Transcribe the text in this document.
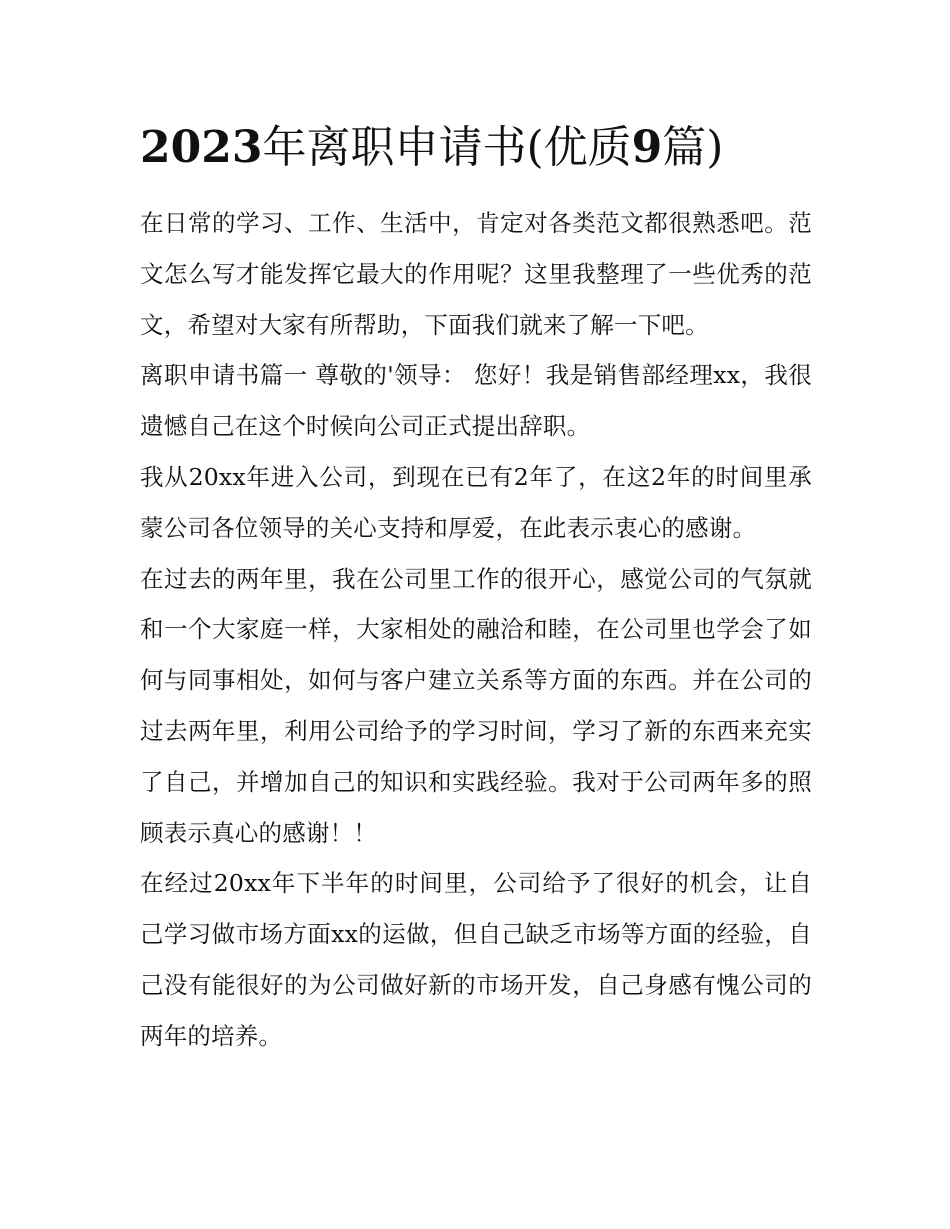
2023年离职申请书(优质9篇)

在日常的学习、工作、生活中，肯定对各类范文都很熟悉吧。范文怎么写才能发挥它最大的作用呢？这里我整理了一些优秀的范文，希望对大家有所帮助，下面我们就来了解一下吧。

离职申请书篇一 尊敬的'领导： 您好！我是销售部经理xx，我很遗憾自己在这个时候向公司正式提出辞职。

我从20xx年进入公司，到现在已有2年了，在这2年的时间里承蒙公司各位领导的关心支持和厚爱，在此表示衷心的感谢。

在过去的两年里，我在公司里工作的很开心，感觉公司的气氛就和一个大家庭一样，大家相处的融洽和睦，在公司里也学会了如何与同事相处，如何与客户建立关系等方面的东西。并在公司的过去两年里，利用公司给予的学习时间，学习了新的东西来充实了自己，并增加自己的知识和实践经验。我对于公司两年多的照顾表示真心的感谢！！

在经过20xx年下半年的时间里，公司给予了很好的机会，让自己学习做市场方面xx的运做，但自己缺乏市场等方面的经验，自己没有能很好的为公司做好新的市场开发，自己身感有愧公司的两年的培养。
